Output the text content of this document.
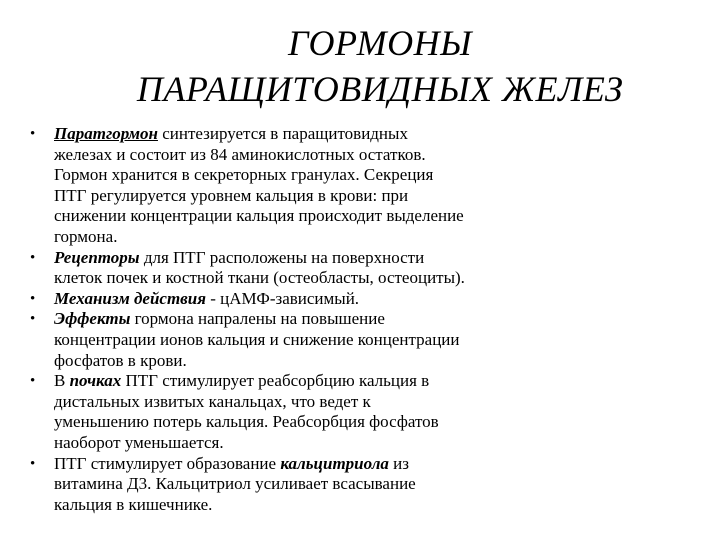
ГОРМОНЫ
ПАРАЩИТОВИДНЫХ ЖЕЛЕЗ
•	Паратгормон синтезируется в паращитовидных
железах и состоит из 84 аминокислотных остатков.
Гормон хранится в секреторных гранулах. Секреция
ПТГ регулируется уровнем кальция в крови: при
снижении концентрации кальция происходит выделение
гормона.
•	Рецепторы для ПТГ расположены на поверхности
клеток почек и костной ткани (остеобласты, остеоциты).
•	Механизм действия - цАМФ-зависимый.
•	Эффекты гормона напралены на повышение
концентрации ионов кальция и снижение концентрации
фосфатов в крови.
•	В почках ПТГ стимулирует реабсорбцию кальция в
дистальных извитых канальцах, что ведет к
уменьшению потерь кальция. Реабсорбция фосфатов
наоборот уменьшается.
•	ПТГ стимулирует образование кальцитриола из
витамина Д3. Кальцитриол усиливает всасывание
кальция в кишечнике.
